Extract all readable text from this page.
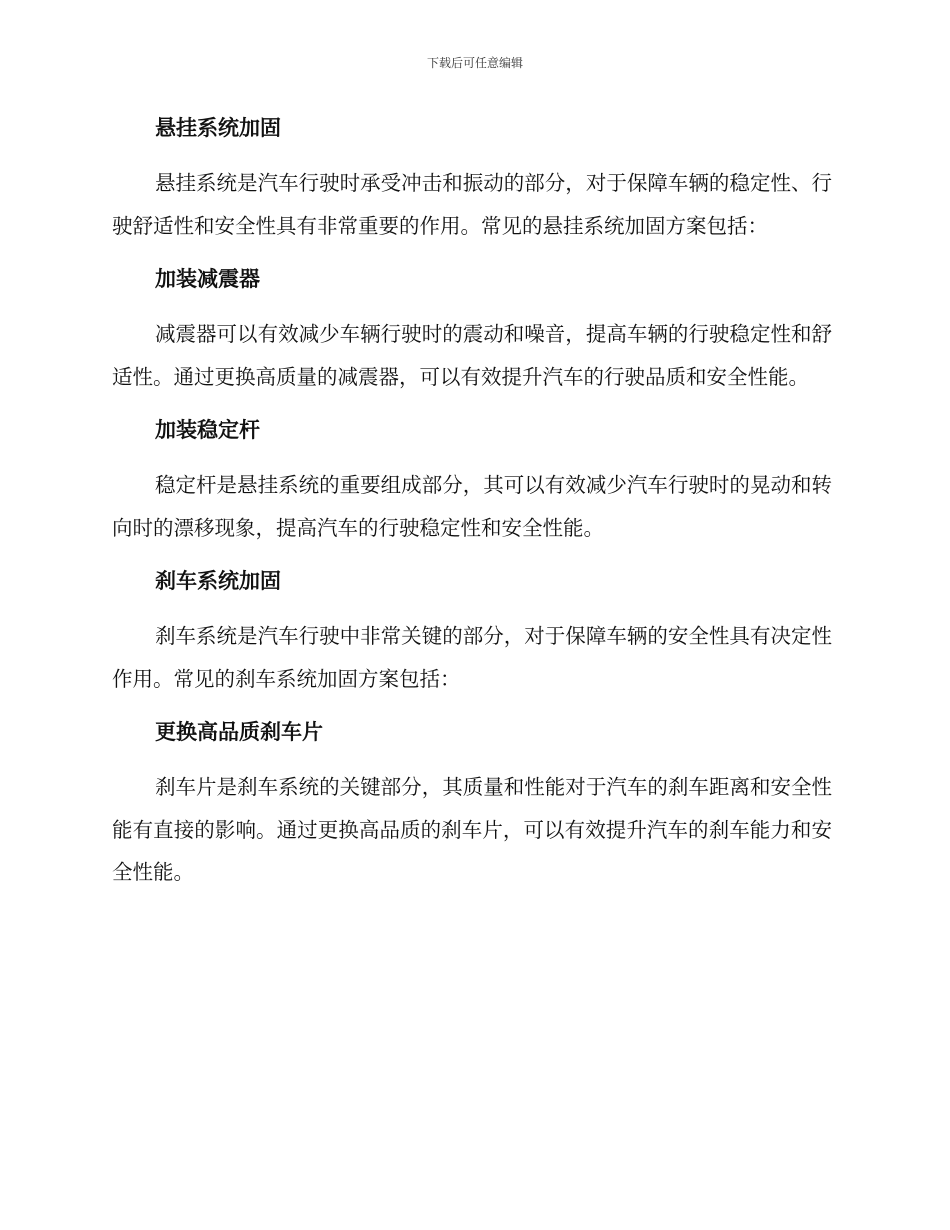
下载后可任意编辑
悬挂系统加固

悬挂系统是汽车行驶时承受冲击和振动的部分，对于保障车辆的稳定性、行驶舒适性和安全性具有非常重要的作用。常见的悬挂系统加固方案包括：

加装减震器

减震器可以有效减少车辆行驶时的震动和噪音，提高车辆的行驶稳定性和舒适性。通过更换高质量的减震器，可以有效提升汽车的行驶品质和安全性能。

加装稳定杆

稳定杆是悬挂系统的重要组成部分，其可以有效减少汽车行驶时的晃动和转向时的漂移现象，提高汽车的行驶稳定性和安全性能。

刹车系统加固

刹车系统是汽车行驶中非常关键的部分，对于保障车辆的安全性具有决定性作用。常见的刹车系统加固方案包括：

更换高品质刹车片

刹车片是刹车系统的关键部分，其质量和性能对于汽车的刹车距离和安全性能有直接的影响。通过更换高品质的刹车片，可以有效提升汽车的刹车能力和安全性能。
